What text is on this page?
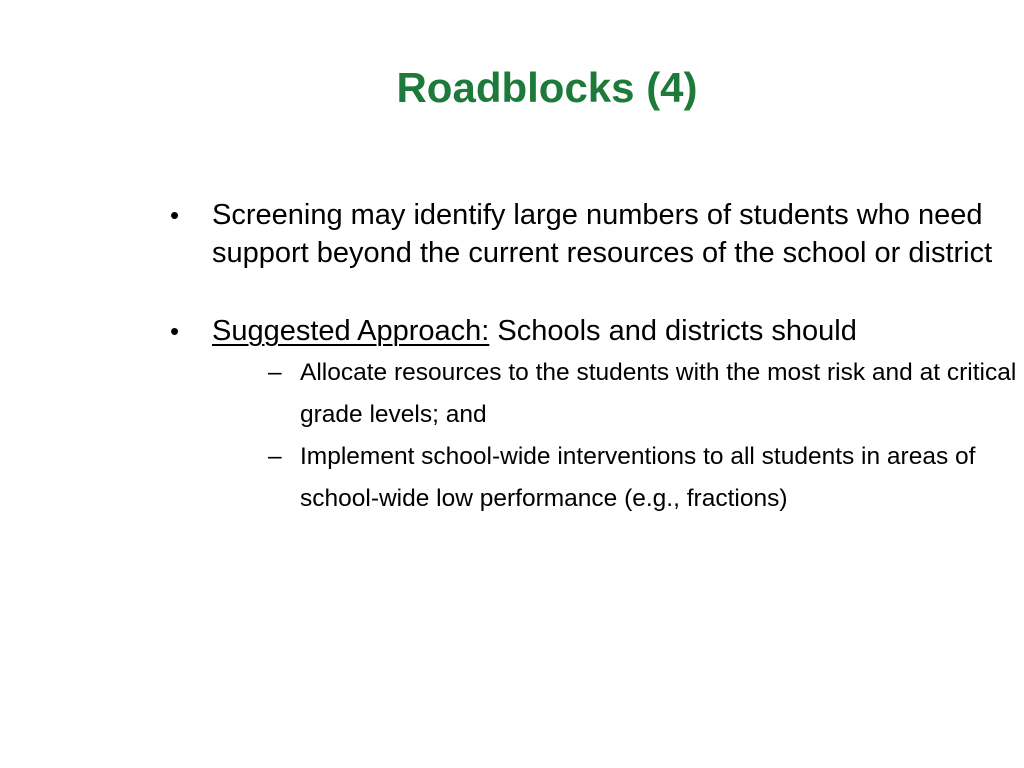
Roadblocks (4)
• Screening may identify large numbers of students who need support beyond the current resources of the school or district
• Suggested Approach: Schools and districts should
– Allocate resources to the students with the most risk and at critical grade levels; and
– Implement school-wide interventions to all students in areas of school-wide low performance (e.g., fractions)
